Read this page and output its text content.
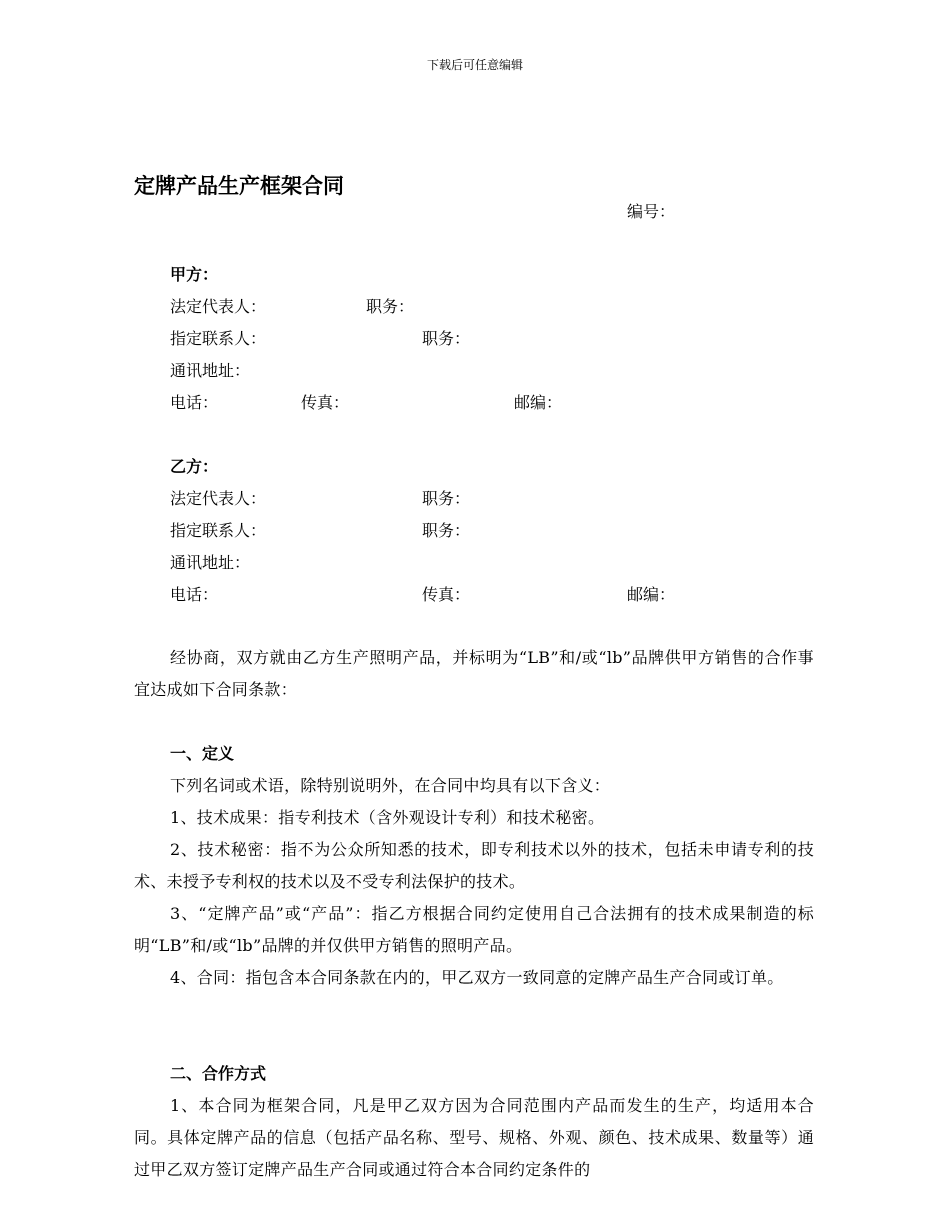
下载后可任意编辑
定牌产品生产框架合同
编号：
甲方：
法定代表人：	职务：
指定联系人：	职务：
通讯地址：
电话：	传真：	邮编：
乙方：
法定代表人：	职务：
指定联系人：	职务：
通讯地址：
电话：	传真：	邮编：
经协商，双方就由乙方生产照明产品，并标明为“LB”和/或“lb”品牌供甲方销售的合作事宜达成如下合同条款：
一、定义
下列名词或术语，除特别说明外，在合同中均具有以下含义：
1、技术成果：指专利技术（含外观设计专利）和技术秘密。
2、技术秘密：指不为公众所知悉的技术，即专利技术以外的技术，包括未申请专利的技术、未授予专利权的技术以及不受专利法保护的技术。
3、“定牌产品”或“产品”：指乙方根据合同约定使用自己合法拥有的技术成果制造的标明“LB”和/或“lb”品牌的并仅供甲方销售的照明产品。
4、合同：指包含本合同条款在内的，甲乙双方一致同意的定牌产品生产合同或订单。
二、合作方式
1、本合同为框架合同，凡是甲乙双方因为合同范围内产品而发生的生产，均适用本合同。具体定牌产品的信息（包括产品名称、型号、规格、外观、颜色、技术成果、数量等）通过甲乙双方签订定牌产品生产合同或通过符合本合同约定条件的
